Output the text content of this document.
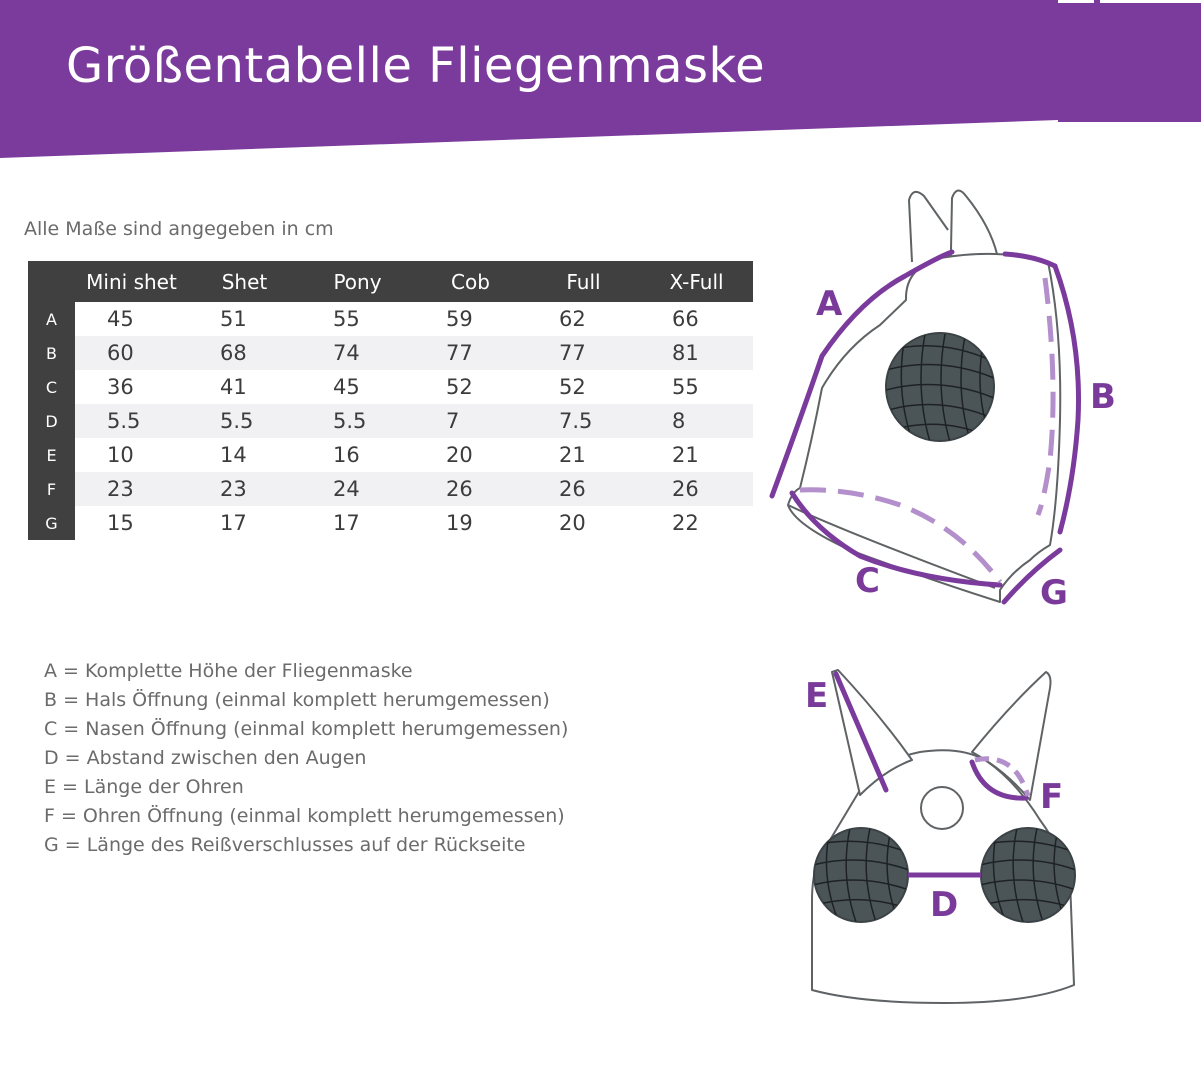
Größentabelle Fliegenmaske
Alle Maße sind angegeben in cm
	Mini shet	Shet	Pony	Cob	Full	X-Full
A	45	51	55	59	62	66
B	60	68	74	77	77	81
C	36	41	45	52	52	55
D	5.5	5.5	5.5	7	7.5	8
E	10	14	16	20	21	21
F	23	23	24	26	26	26
G	15	17	17	19	20	22
A = Komplette Höhe der Fliegenmaske
B = Hals Öffnung (einmal komplett herumgemessen)
C = Nasen Öffnung (einmal komplett herumgemessen)
D = Abstand zwischen den Augen
E = Länge der Ohren
F = Ohren Öffnung (einmal komplett herumgemessen)
G = Länge des Reißverschlusses auf der Rückseite
A
B
C	G
E
F
D
